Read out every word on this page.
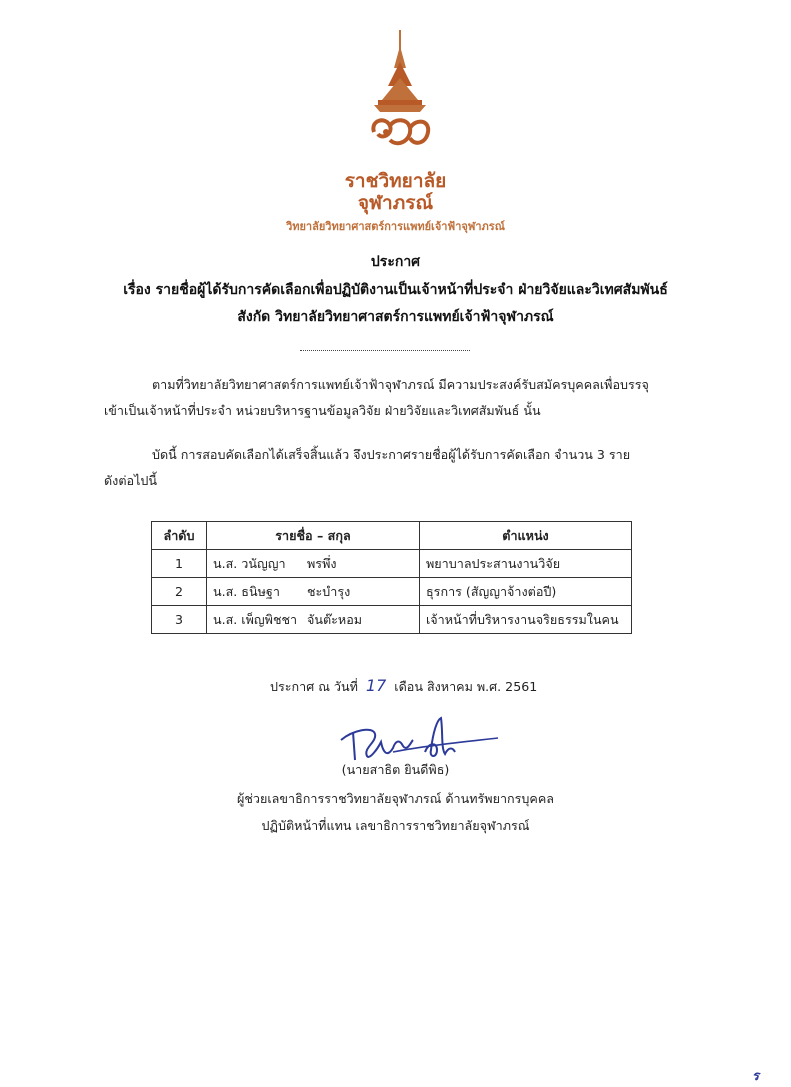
ราชวิทยาลัย
จุฬาภรณ์
วิทยาลัยวิทยาศาสตร์การแพทย์เจ้าฟ้าจุฬาภรณ์
ประกาศ
เรื่อง รายชื่อผู้ได้รับการคัดเลือกเพื่อปฏิบัติงานเป็นเจ้าหน้าที่ประจำ ฝ่ายวิจัยและวิเทศสัมพันธ์
สังกัด วิทยาลัยวิทยาศาสตร์การแพทย์เจ้าฟ้าจุฬาภรณ์
ตามที่วิทยาลัยวิทยาศาสตร์การแพทย์เจ้าฟ้าจุฬาภรณ์ มีความประสงค์รับสมัครบุคคลเพื่อบรรจุ
เข้าเป็นเจ้าหน้าที่ประจำ หน่วยบริหารฐานข้อมูลวิจัย ฝ่ายวิจัยและวิเทศสัมพันธ์ นั้น
บัดนี้ การสอบคัดเลือกได้เสร็จสิ้นแล้ว จึงประกาศรายชื่อผู้ได้รับการคัดเลือก จำนวน 3 ราย
ดังต่อไปนี้
ลำดับ	รายชื่อ – สกุล	ตำแหน่ง
1	น.ส. วนัญญา พรพึ่ง	พยาบาลประสานงานวิจัย
2	น.ส. ธนิษฐา ชะบำรุง	ธุรการ (สัญญาจ้างต่อปี)
3	น.ส. เพ็ญพิชชา จันต๊ะหอม	เจ้าหน้าที่บริหารงานจริยธรรมในคน
ประกาศ ณ วันที่ 17 เดือน สิงหาคม พ.ศ. 2561
(นายสาธิต ยินดีพิธ)
ผู้ช่วยเลขาธิการราชวิทยาลัยจุฬาภรณ์ ด้านทรัพยากรบุคคล
ปฏิบัติหน้าที่แทน เลขาธิการราชวิทยาลัยจุฬาภรณ์
ร
